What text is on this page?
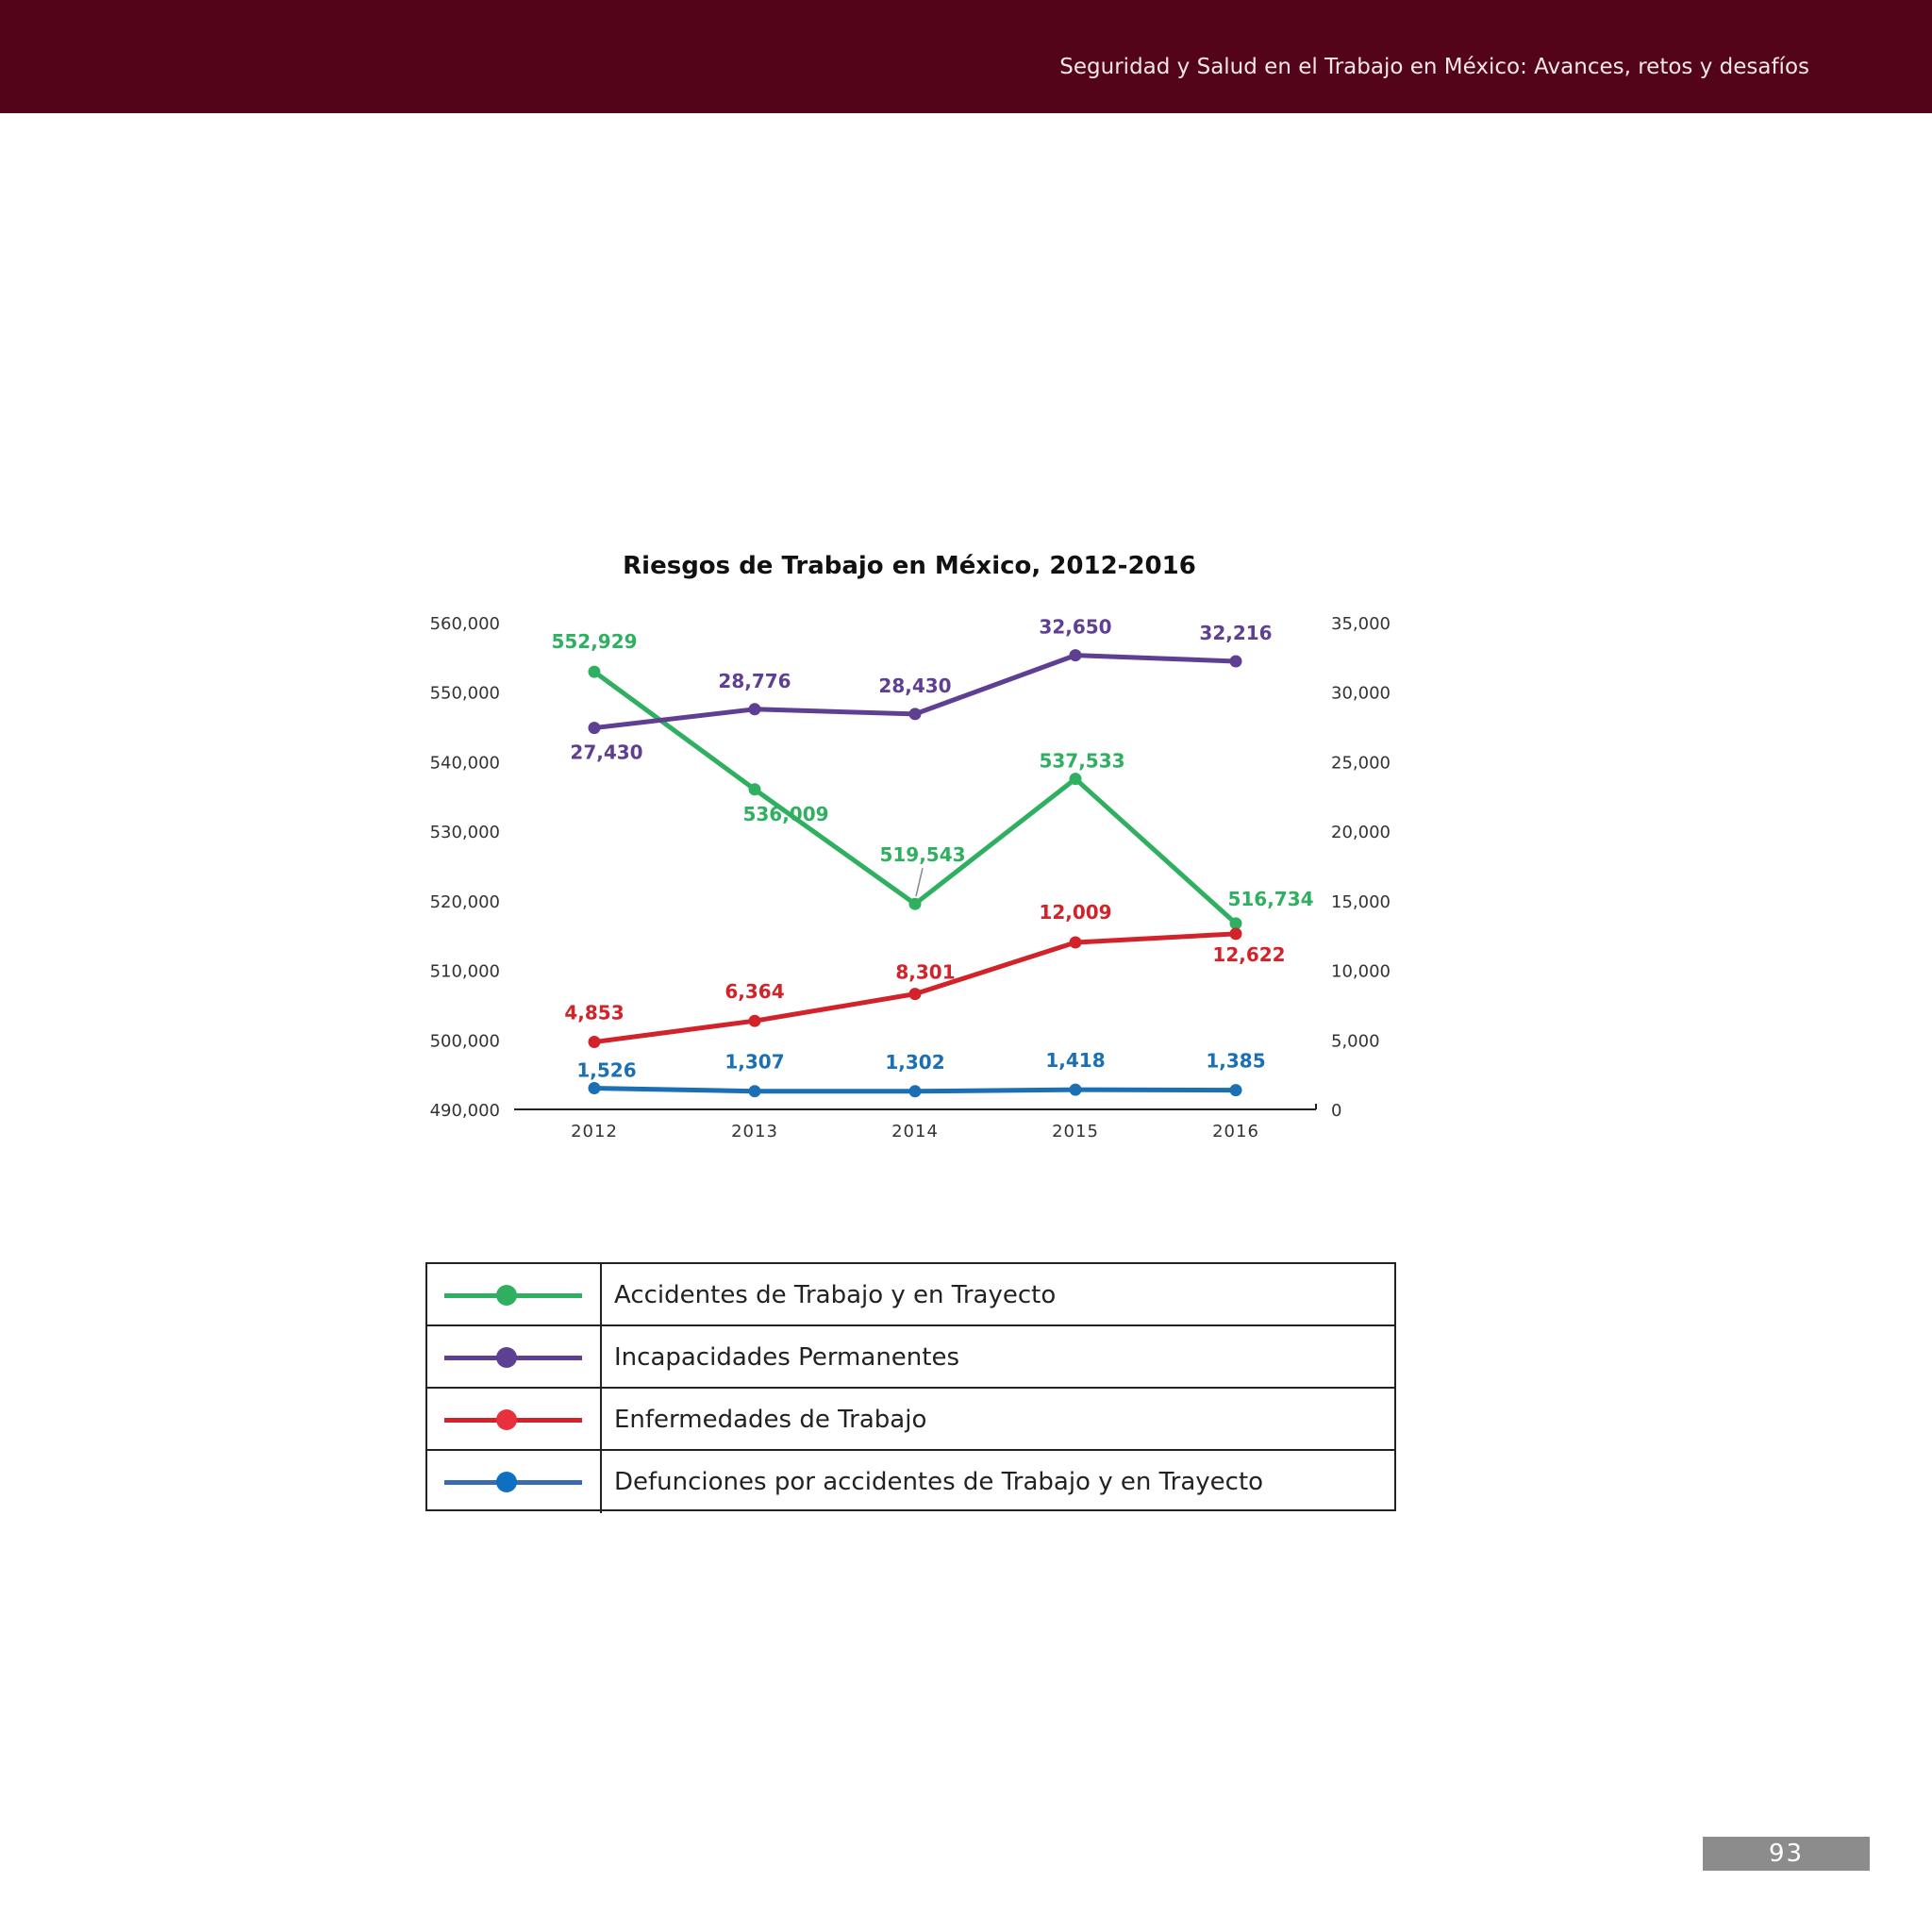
Seguridad y Salud en el Trabajo en México: Avances, retos y desafíos
Riesgos de Trabajo en México, 2012-2016
490,000
500,000
510,000
520,000
530,000
540,000
550,000
560,000
0
5,000
10,000
15,000
20,000
25,000
30,000
35,000
2012	2013	2014	2015	2016
552,929
536,009
519,543
537,533
516,734
27,430
28,776	28,430
32,650	32,216
4,853
6,364
8,301
12,009
12,622
1,526	1,307	1,302	1,418	1,385
Accidentes de Trabajo y en Trayecto
Incapacidades Permanentes
Enfermedades de Trabajo
Defunciones por accidentes de Trabajo y en Trayecto
93
